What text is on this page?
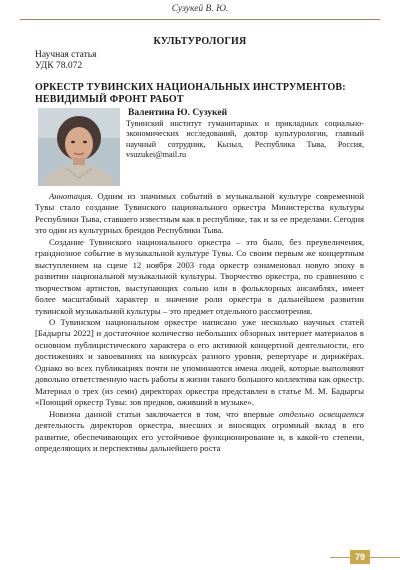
Сузукей В. Ю.
КУЛЬТУРОЛОГИЯ
Научная статья
УДК 78.072
ОРКЕСТР ТУВИНСКИХ НАЦИОНАЛЬНЫХ ИНСТРУМЕНТОВ: НЕВИДИМЫЙ ФРОНТ РАБОТ
Валентина Ю. Сузукей
Тувинский институт гуманитарных и прикладных социально-экономических исследований, доктор культурологии, главный научный сотрудник, Кызыл, Республика Тыва, Россия, vsuzukei@mail.ru

Аннотация. Одним из значимых событий в музыкальной культуре современной Тувы стало создание Тувинского национального оркестра Министерства культуры Республики Тыва, ставшего известным как в республике, так и за ее пределами. Сегодня это один из культурных брендов Республики Тыва.

Создание Тувинского национального оркестра – это было, без преувеличения, грандиозное событие в музыкальной культуре Тувы. Со своим первым же концертным выступлением на сцене 12 ноября 2003 года оркестр ознаменовал новую эпоху в развитии национальной музыкальной культуры. Творчество оркестра, по сравнению с творчеством артистов, выступающих сольно или в фольклорных ансамблях, имеет более масштабный характер и значение роли оркестра в дальнейшем развитии тувинской музыкальной культуры – это предмет отдельного рассмотрения.

О Тувинском национальном оркестре написано уже несколько научных статей [Бадыргы 2022] и достаточное количество небольших обзорных интернет материалов в основном публицистического характера о его активной концертной деятельности, его достижениях и завоеваниях на конкурсах разного уровня, репертуаре и дирижёрах. Однако во всех публикациях почти не упоминаются имена людей, которые выполняют довольно ответственную часть работы в жизни такого большого коллектива как оркестр. Материал о трех (из семи) директорах оркестра представлен в статье М. М. Бадыргы «Поющий оркестр Тувы: зов предков, оживший в музыке».

Новизна данной статьи заключается в том, что впервые отдельно освещается деятельность директоров оркестра, внесших и вносящих огромный вклад в его развитие, обеспечивающих его устойчивое функционирование и, в какой-то степени, определяющих и перспективы дальнейшего роста

79
